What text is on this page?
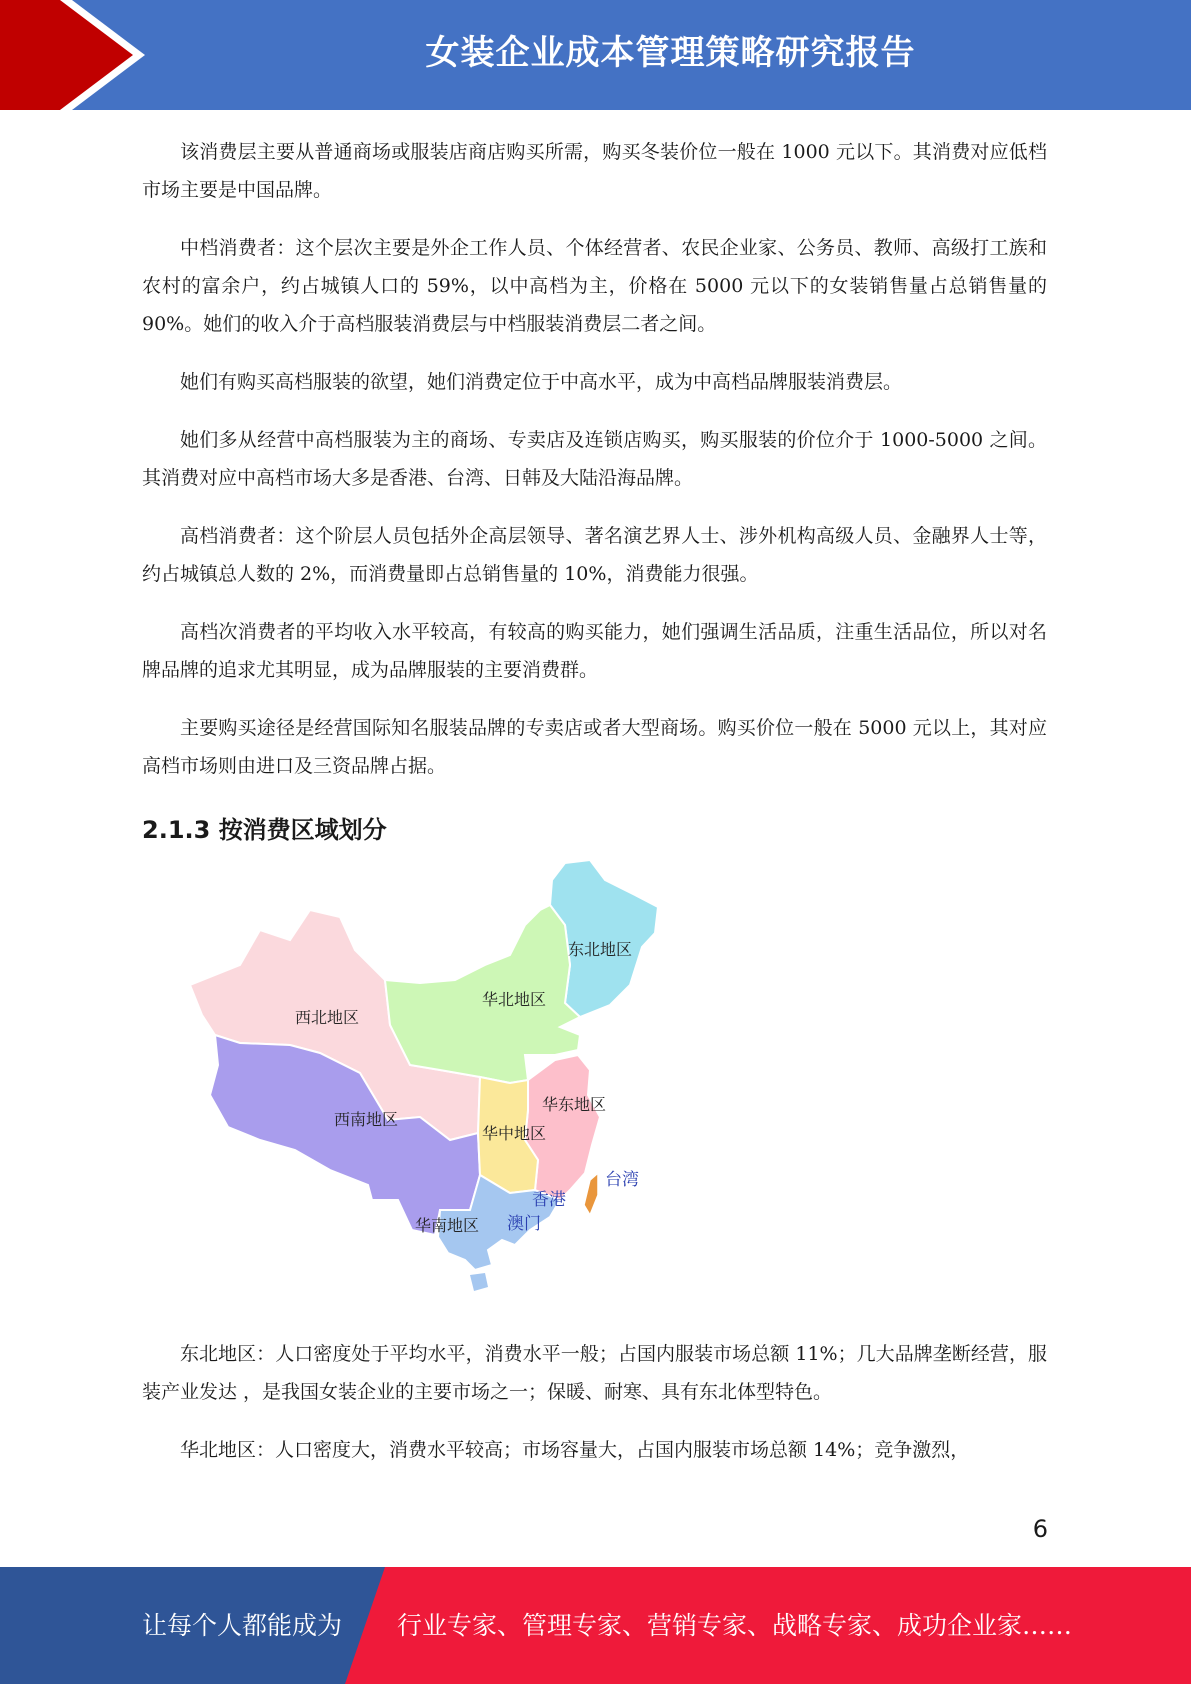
女装企业成本管理策略研究报告

该消费层主要从普通商场或服装店商店购买所需，购买冬装价位一般在 1000 元以下。其消费对应低档市场主要是中国品牌。

中档消费者：这个层次主要是外企工作人员、个体经营者、农民企业家、公务员、教师、高级打工族和农村的富余户，约占城镇人口的 59%，以中高档为主，价格在 5000 元以下的女装销售量占总销售量的 90%。她们的收入介于高档服装消费层与中档服装消费层二者之间。

她们有购买高档服装的欲望，她们消费定位于中高水平，成为中高档品牌服装消费层。

她们多从经营中高档服装为主的商场、专卖店及连锁店购买，购买服装的价位介于 1000-5000 之间。其消费对应中高档市场大多是香港、台湾、日韩及大陆沿海品牌。

高档消费者：这个阶层人员包括外企高层领导、著名演艺界人士、涉外机构高级人员、金融界人士等，约占城镇总人数的 2%，而消费量即占总销售量的 10%，消费能力很强。

高档次消费者的平均收入水平较高，有较高的购买能力，她们强调生活品质，注重生活品位，所以对名牌品牌的追求尤其明显，成为品牌服装的主要消费群。

主要购买途径是经营国际知名服装品牌的专卖店或者大型商场。购买价位一般在 5000 元以上，其对应高档市场则由进口及三资品牌占据。

2.1.3 按消费区域划分
西北地区
东北地区
华北地区
西南地区
华东地区
华中地区
华南地区
台湾
香港
澳门

东北地区：人口密度处于平均水平，消费水平一般；占国内服装市场总额 11%；几大品牌垄断经营，服装产业发达 ，是我国女装企业的主要市场之一；保暖、耐寒、具有东北体型特色。

华北地区：人口密度大，消费水平较高；市场容量大，占国内服装市场总额 14%；竞争激烈，

6
让每个人都能成为 行业专家、管理专家、营销专家、战略专家、成功企业家……
